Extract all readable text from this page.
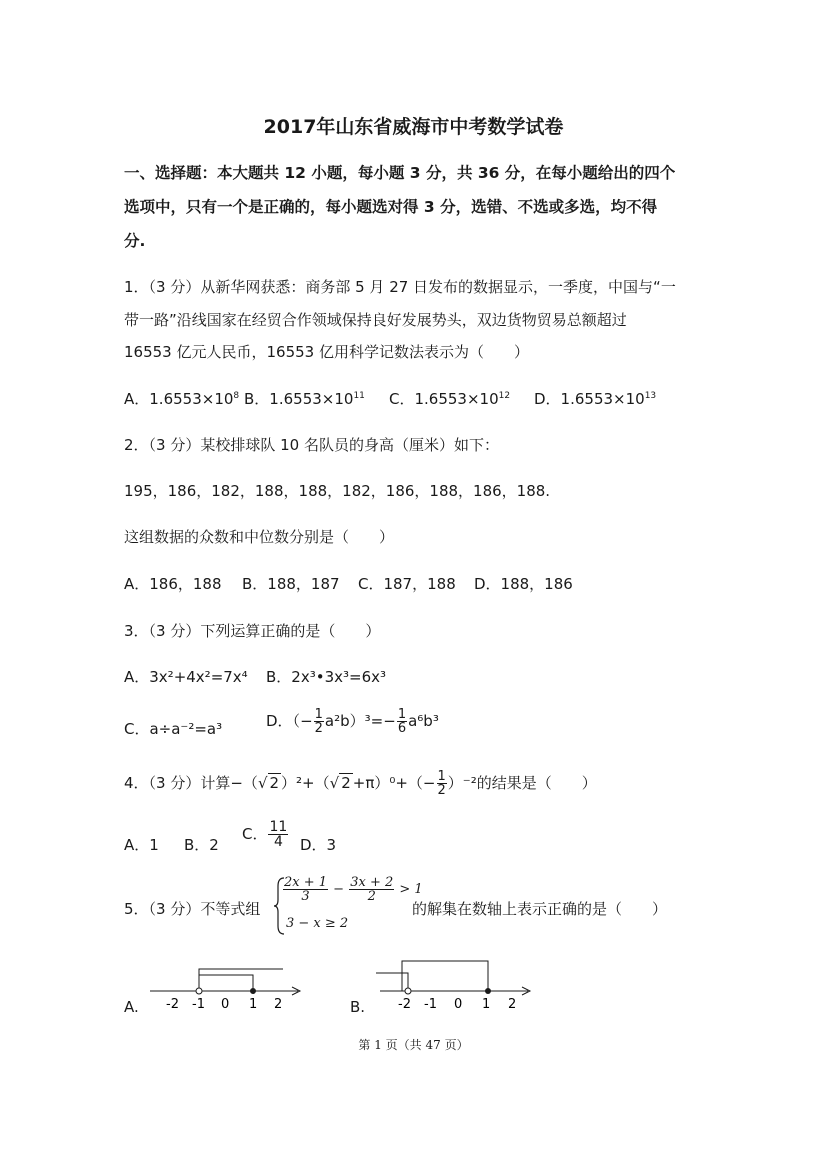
2017年山东省威海市中考数学试卷
一、选择题：本大题共 12 小题，每小题 3 分，共 36 分，在每小题给出的四个
选项中，只有一个是正确的，每小题选对得 3 分，选错、不选或多选，均不得
分.
1．（3 分）从新华网获悉：商务部 5 月 27 日发布的数据显示，一季度，中国与“一
带一路”沿线国家在经贸合作领域保持良好发展势头，双边货物贸易总额超过
16553 亿元人民币，16553 亿用科学记数法表示为（　　）
A．$1.6553\times 10^8$ B．$1.6553\times 10^{11}$ C．$1.6553\times 10^{12}$ D．$1.6553\times 10^{13}$
2．（3 分）某校排球队 10 名队员的身高（厘米）如下：
195，186，182，188，188，182，186，188，186，188.
这组数据的众数和中位数分别是（　　）
A．186，188 B．188，187 C．187，188 D．188，186
3．（3 分）下列运算正确的是（　　）
A．3x²+4x²=7x⁴ B．2x³•3x³=6x³
C．a÷a⁻²=a³	D．（− $\frac{1}{2} a^2b)^3=- \frac{1}{6} a^6b^3$
4．（3 分）计算−（√ 2 ）²+（√ $2 +\pi)^0+(- \frac{1}{2} )^{-2}$的结果是（　　）
A．1 B．2
C． $\frac{11}{4}$ D．3
5．（3 分）不等式组
$\frac{2x + 1}{3} - \frac{3x + 2}{2} > 1$
3 − x ≥ 2
的解集在数轴上表示正确的是（　　）
A. -2 -1 0 1 2	B.	-2 -1 0 1 2
第 1 页（共 47 页）
